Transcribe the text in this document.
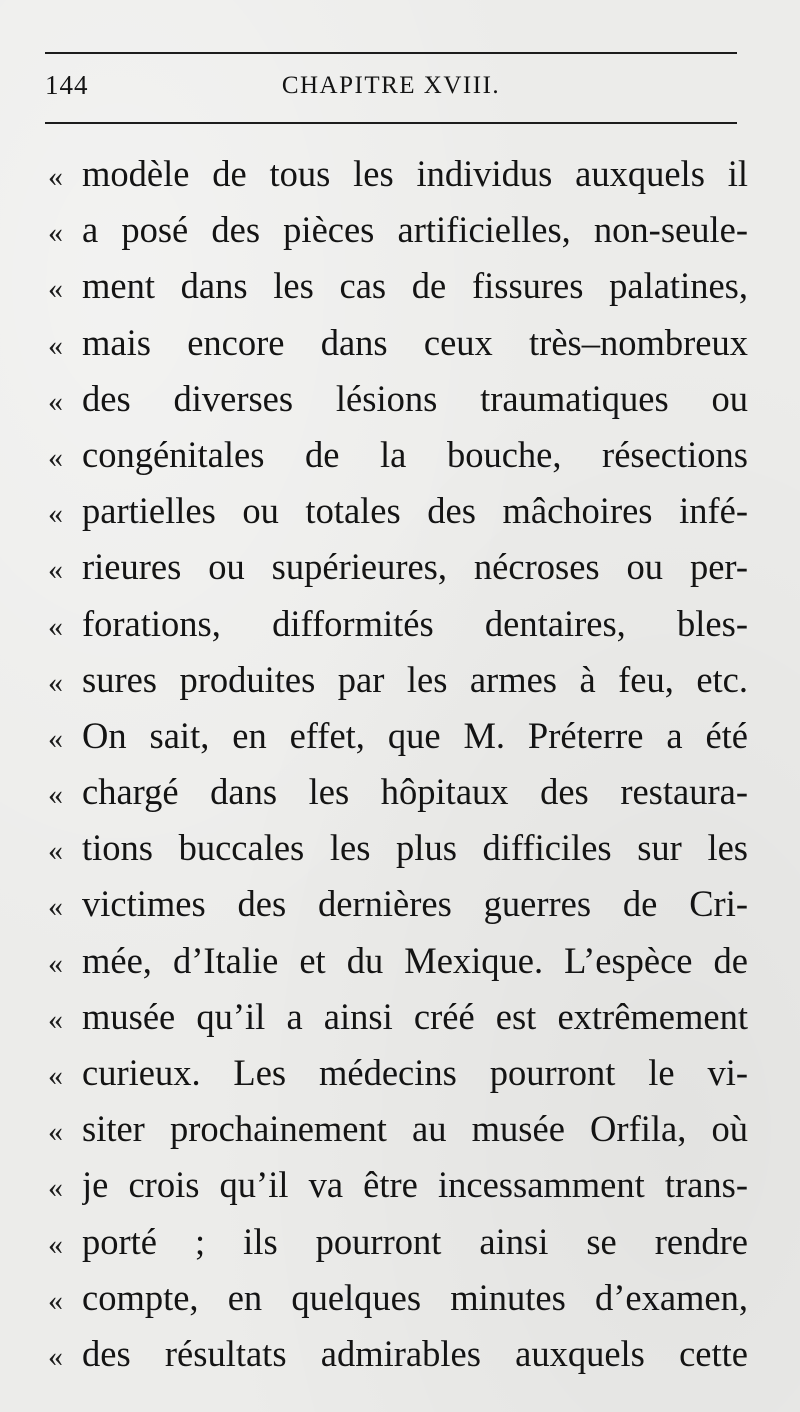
144	CHAPITRE XVIII.
« modèle de tous les individus auxquels il
« a posé des pièces artificielles, non-seule-
« ment dans les cas de fissures palatines,
« mais encore dans ceux très–nombreux
« des diverses lésions traumatiques ou
« congénitales de la bouche, résections
« partielles ou totales des mâchoires infé-
« rieures ou supérieures, nécroses ou per-
« forations, difformités dentaires, bles-
« sures produites par les armes à feu, etc.
« On sait, en effet, que M. Préterre a été
« chargé dans les hôpitaux des restaura-
« tions buccales les plus difficiles sur les
« victimes des dernières guerres de Cri-
« mée, d’Italie et du Mexique. L’espèce de
« musée qu’il a ainsi créé est extrêmement
« curieux. Les médecins pourront le vi-
« siter prochainement au musée Orfila, où
« je crois qu’il va être incessamment trans-
« porté ; ils pourront ainsi se rendre
« compte, en quelques minutes d’examen,
« des résultats admirables auxquels cette
